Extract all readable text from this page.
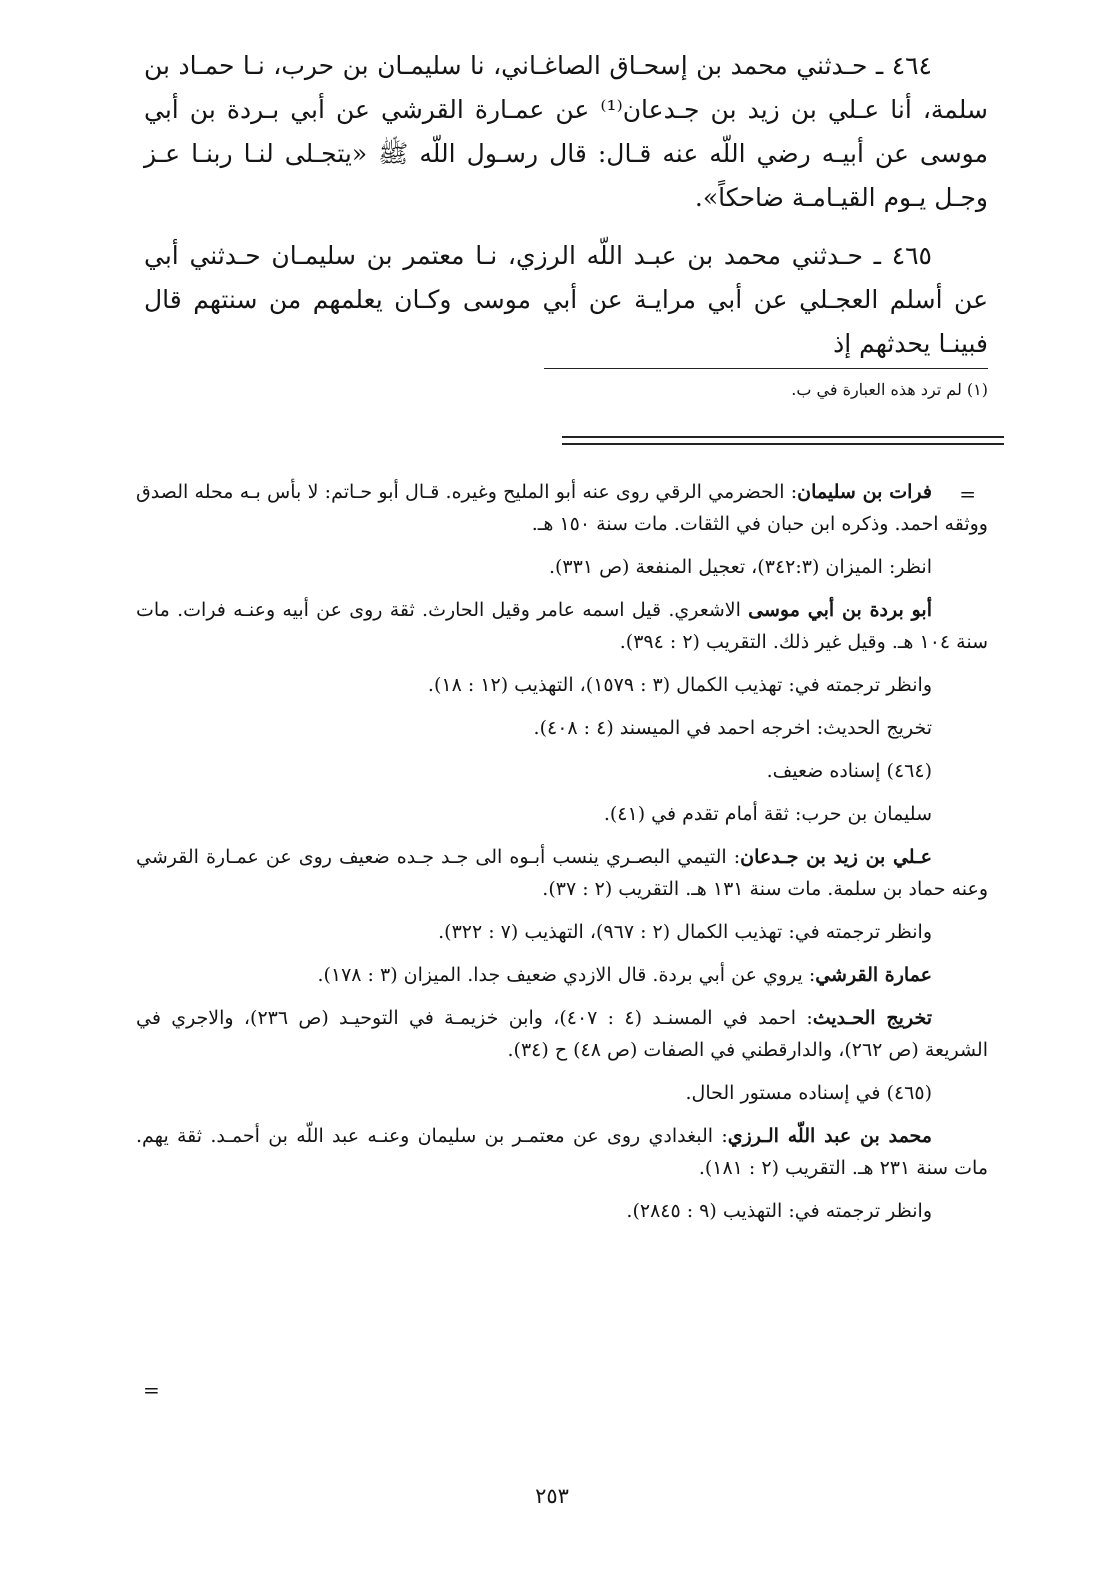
٤٦٤ ـ حـدثني محمد بن إسحـاق الصاغـاني، نا سليمـان بن حرب، نـا حمـاد بن سلمة، أنا عـلي بن زيد بن جـدعان⁽¹⁾ عن عمـارة القرشي عن أبي بـردة بن أبي موسى عن أبيـه رضي اللّه عنه قـال: قال رسـول اللّه ﷺ «يتجـلى لنـا ربنـا عـز وجـل يـوم القيـامـة ضاحكاً».

٤٦٥ ـ حـدثني محمد بن عبـد اللّه الرزي، نـا معتمر بن سليمـان حـدثني أبي عن أسلم العجـلي عن أبي مرايـة عن أبي موسى وكـان يعلمهم من سنتهم قال فبينـا يحدثهم إذ

(١) لم ترد هذه العبارة في ب.
=

فرات بن سليمان: الحضرمي الرقي روى عنه أبو المليح وغيره. قـال أبو حـاتم: لا بأس بـه محله الصدق ووثقه احمد. وذكره ابن حبان في الثقات. مات سنة ١٥٠ هـ.

انظر: الميزان (٣٤٢:٣)، تعجيل المنفعة (ص ٣٣١).

أبو بردة بن أبي موسى الاشعري. قيل اسمه عامر وقيل الحارث. ثقة روى عن أبيه وعنـه فرات. مات سنة ١٠٤ هـ. وقيل غير ذلك. التقريب (٢ : ٣٩٤).

وانظر ترجمته في: تهذيب الكمال (٣ : ١٥٧٩)، التهذيب (١٢ : ١٨).

تخريج الحديث: اخرجه احمد في الميسند (٤ : ٤٠٨).

(٤٦٤) إسناده ضعيف.

سليمان بن حرب: ثقة أمام تقدم في (٤١).

عـلي بن زيد بن جـدعان: التيمي البصـري ينسب أبـوه الى جـد جـده ضعيف روى عن عمـارة القرشي وعنه حماد بن سلمة. مات سنة ١٣١ هـ. التقريب (٢ : ٣٧).

وانظر ترجمته في: تهذيب الكمال (٢ : ٩٦٧)، التهذيب (٧ : ٣٢٢).

عمارة القرشي: يروي عن أبي بردة. قال الازدي ضعيف جدا. الميزان (٣ : ١٧٨).

تخريج الحـديث: احمد في المسنـد (٤ : ٤٠٧)، وابن خزيمـة في التوحيـد (ص ٢٣٦)، والاجري في الشريعة (ص ٢٦٢)، والدارقطني في الصفات (ص ٤٨) ح (٣٤).

(٤٦٥) في إسناده مستور الحال.

محمد بن عبد اللّه الـرزي: البغدادي روى عن معتمـر بن سليمان وعنـه عبد اللّه بن أحمـد. ثقة يهم. مات سنة ٢٣١ هـ. التقريب (٢ : ١٨١).

وانظر ترجمته في: التهذيب (٩ : ٢٨٤٥).

=
٢٥٣
